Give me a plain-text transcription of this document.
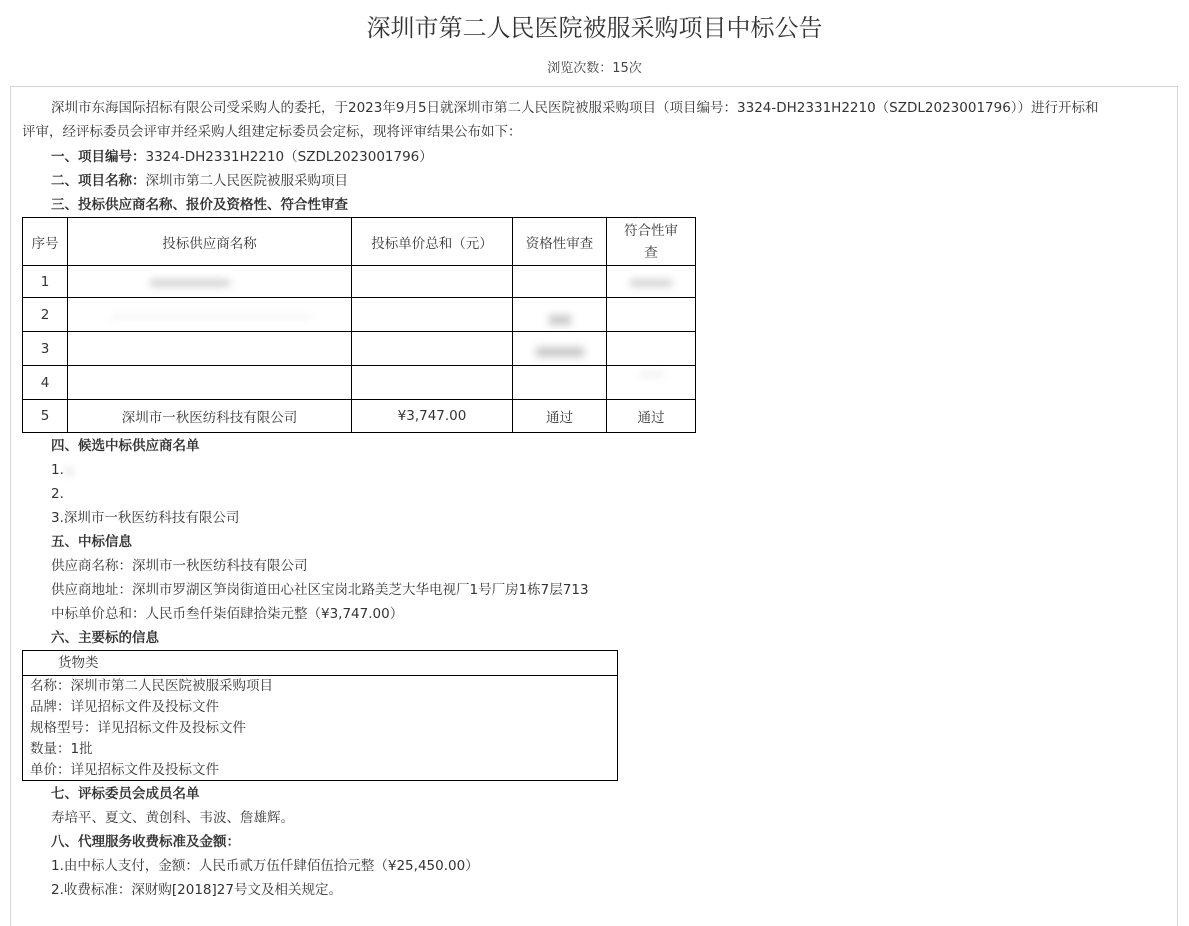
深圳市第二人民医院被服采购项目中标公告
浏览次数：15次
深圳市东海国际招标有限公司受采购人的委托，于2023年9月5日就深圳市第二人民医院被服采购项目（项目编号：3324-DH2331H2210（SZDL2023001796））进行开标和
评审，经评标委员会评审并经采购人组建定标委员会定标，现将评审结果公布如下：
一、项目编号：3324-DH2331H2210（SZDL2023001796）
二、项目名称：深圳市第二人民医院被服采购项目
三、投标供应商名称、报价及资格性、符合性审查
序号	投标供应商名称	投标单价总和（元）	资格性审查	符合性审
查
1				
2				
3				
4				
5	深圳市一秋医纺科技有限公司	¥3,747.00	通过	通过
四、候选中标供应商名单
1.
2.
3.深圳市一秋医纺科技有限公司
五、中标信息
供应商名称：深圳市一秋医纺科技有限公司
供应商地址：深圳市罗湖区笋岗街道田心社区宝岗北路美芝大华电视厂1号厂房1栋7层713
中标单价总和：人民币叁仟柒佰肆拾柒元整（¥3,747.00）
六、主要标的信息
货物类
名称：深圳市第二人民医院被服采购项目
品牌：详见招标文件及投标文件
规格型号：详见招标文件及投标文件
数量：1批
单价：详见招标文件及投标文件
七、评标委员会成员名单
寿培平、夏文、黄创科、韦波、詹雄辉。
八、代理服务收费标准及金额：
1.由中标人支付，金额：人民币贰万伍仟肆佰伍拾元整（¥25,450.00）
2.收费标准：深财购[2018]27号文及相关规定。
